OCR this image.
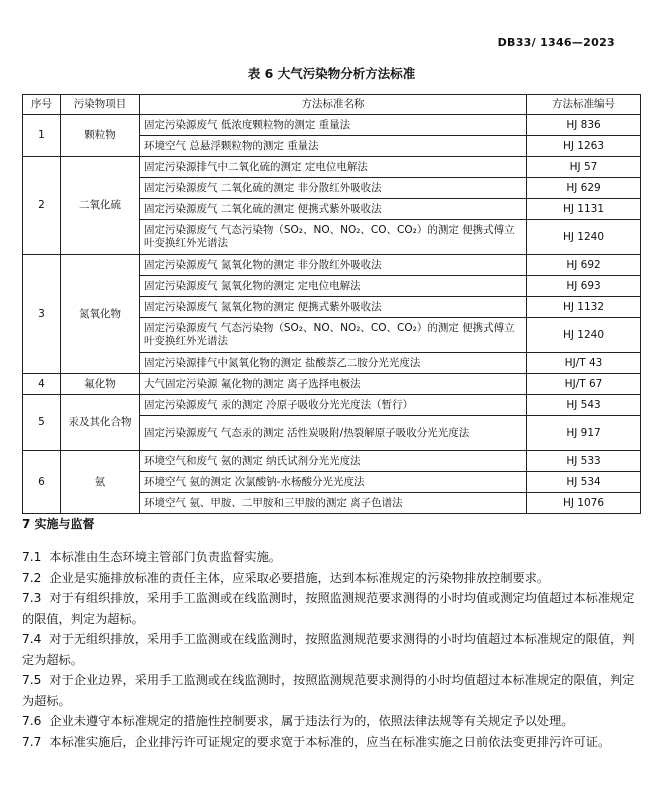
DB33/ 1346—2023
表 6 大气污染物分析方法标准
序号	污染物项目	方法标准名称	方法标准编号
1	颗粒物	固定污染源废气 低浓度颗粒物的测定 重量法	HJ 836
		环境空气 总悬浮颗粒物的测定 重量法	HJ 1263
2	二氧化硫	固定污染源排气中二氧化硫的测定 定电位电解法	HJ 57
		固定污染源废气 二氧化硫的测定 非分散红外吸收法	HJ 629
		固定污染源废气 二氧化硫的测定 便携式紫外吸收法	HJ 1131
		固定污染源废气 气态污染物（SO₂、NO、NO₂、CO、CO₂）的测定 便携式傅立叶变换红外光谱法	HJ 1240
3	氮氧化物	固定污染源废气 氮氧化物的测定 非分散红外吸收法	HJ 692
		固定污染源废气 氮氧化物的测定 定电位电解法	HJ 693
		固定污染源废气 氮氧化物的测定 便携式紫外吸收法	HJ 1132
		固定污染源废气 气态污染物（SO₂、NO、NO₂、CO、CO₂）的测定 便携式傅立叶变换红外光谱法	HJ 1240
		固定污染源排气中氮氧化物的测定 盐酸萘乙二胺分光光度法	HJ/T 43
4	氟化物	大气固定污染源 氟化物的测定 离子选择电极法	HJ/T 67
5	汞及其化合物	固定污染源废气 汞的测定 冷原子吸收分光光度法（暂行）	HJ 543
		固定污染源废气 气态汞的测定 活性炭吸附/热裂解原子吸收分光光度法	HJ 917
6	氨	环境空气和废气 氨的测定 纳氏试剂分光光度法	HJ 533
		环境空气 氨的测定 次氯酸钠-水杨酸分光光度法	HJ 534
		环境空气 氨、甲胺、二甲胺和三甲胺的测定 离子色谱法	HJ 1076
7 实施与监督

7.1 本标准由生态环境主管部门负责监督实施。

7.2 企业是实施排放标准的责任主体，应采取必要措施，达到本标准规定的污染物排放控制要求。

7.3 对于有组织排放，采用手工监测或在线监测时，按照监测规范要求测得的小时均值或测定均值超过本标准规定的限值，判定为超标。

7.4 对于无组织排放，采用手工监测或在线监测时，按照监测规范要求测得的小时均值超过本标准规定的限值，判定为超标。

7.5 对于企业边界，采用手工监测或在线监测时，按照监测规范要求测得的小时均值超过本标准规定的限值，判定为超标。

7.6 企业未遵守本标准规定的措施性控制要求，属于违法行为的，依照法律法规等有关规定予以处理。

7.7 本标准实施后，企业排污许可证规定的要求宽于本标准的，应当在标准实施之日前依法变更排污许可证。
